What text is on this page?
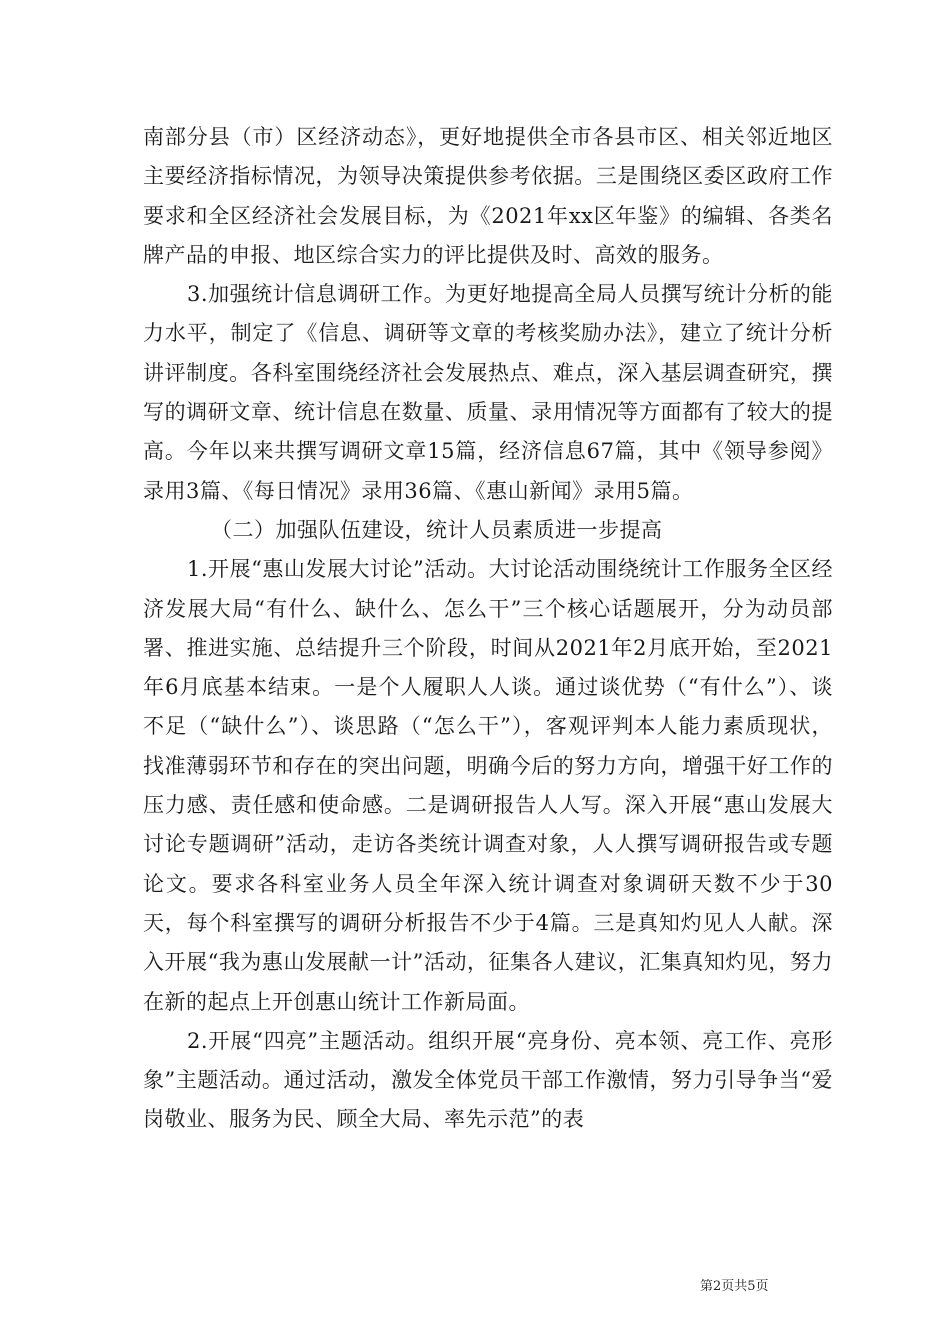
南部分县（市）区经济动态》，更好地提供全市各县市区、相关邻近地区主要经济指标情况，为领导决策提供参考依据。三是围绕区委区政府工作要求和全区经济社会发展目标，为《2021年xx区年鉴》的编辑、各类名牌产品的申报、地区综合实力的评比提供及时、高效的服务。

3.加强统计信息调研工作。为更好地提高全局人员撰写统计分析的能力水平，制定了《信息、调研等文章的考核奖励办法》，建立了统计分析讲评制度。各科室围绕经济社会发展热点、难点，深入基层调查研究，撰写的调研文章、统计信息在数量、质量、录用情况等方面都有了较大的提高。今年以来共撰写调研文章15篇，经济信息67篇，其中《领导参阅》录用3篇、《每日情况》录用36篇、《惠山新闻》录用5篇。

（二）加强队伍建设，统计人员素质进一步提高

1.开展“惠山发展大讨论”活动。大讨论活动围绕统计工作服务全区经济发展大局“有什么、缺什么、怎么干”三个核心话题展开，分为动员部署、推进实施、总结提升三个阶段，时间从2021年2月底开始，至2021年6月底基本结束。一是个人履职人人谈。通过谈优势（“有什么”）、谈不足（“缺什么”）、谈思路（“怎么干”），客观评判本人能力素质现状，找准薄弱环节和存在的突出问题，明确今后的努力方向，增强干好工作的压力感、责任感和使命感。二是调研报告人人写。深入开展“惠山发展大讨论专题调研”活动，走访各类统计调查对象，人人撰写调研报告或专题论文。要求各科室业务人员全年深入统计调查对象调研天数不少于30天，每个科室撰写的调研分析报告不少于4篇。三是真知灼见人人献。深入开展“我为惠山发展献一计”活动，征集各人建议，汇集真知灼见，努力在新的起点上开创惠山统计工作新局面。

2.开展“四亮”主题活动。组织开展“亮身份、亮本领、亮工作、亮形象”主题活动。通过活动，激发全体党员干部工作激情，努力引导争当“爱岗敬业、服务为民、顾全大局、率先示范”的表

第2页共5页
